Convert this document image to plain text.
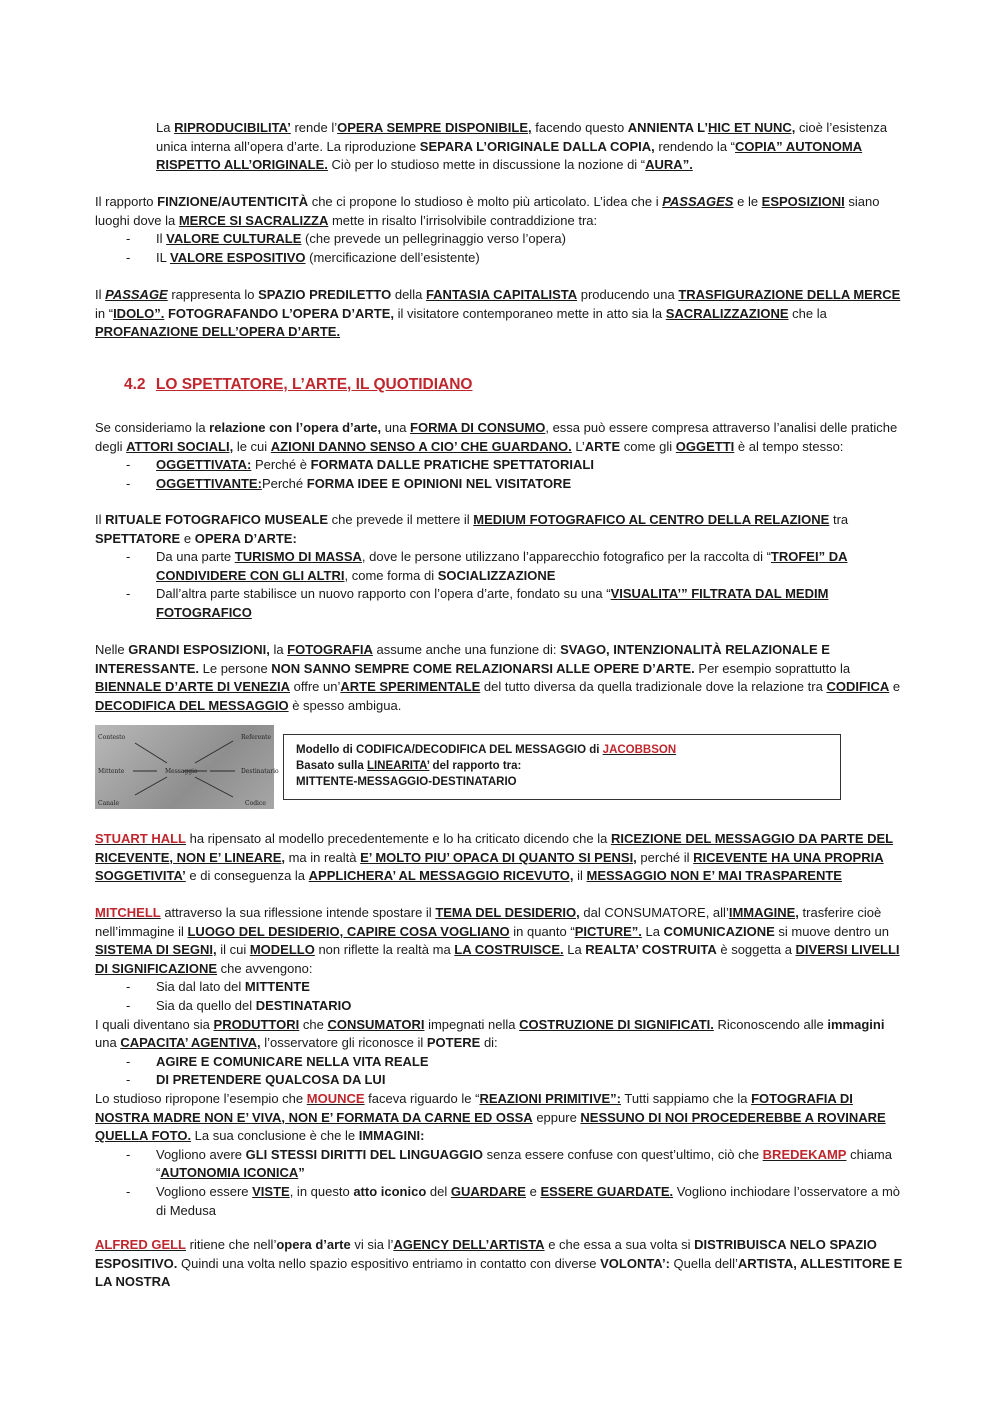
La RIPRODUCIBILITA’ rende l’OPERA SEMPRE DISPONIBILE, facendo questo ANNIENTA L’HIC ET NUNC, cioè l’esistenza unica interna all’opera d’arte. La riproduzione SEPARA L’ORIGINALE DALLA COPIA, rendendo la “COPIA” AUTONOMA RISPETTO ALL’ORIGINALE. Ciò per lo studioso mette in discussione la nozione di “AURA”.

Il rapporto FINZIONE/AUTENTICITÀ che ci propone lo studioso è molto più articolato. L’idea che i PASSAGES e le ESPOSIZIONI siano luoghi dove la MERCE SI SACRALIZZA mette in risalto l’irrisolvibile contraddizione tra:

- Il VALORE CULTURALE (che prevede un pellegrinaggio verso l’opera)
- IL VALORE ESPOSITIVO (mercificazione dell’esistente)

Il PASSAGE rappresenta lo SPAZIO PREDILETTO della FANTASIA CAPITALISTA producendo una TRASFIGURAZIONE DELLA MERCE in “IDOLO”. FOTOGRAFANDO L’OPERA D’ARTE, il visitatore contemporaneo mette in atto sia la SACRALIZZAZIONE che la PROFANAZIONE DELL’OPERA D’ARTE.

4.2 LO SPETTATORE, L’ARTE, IL QUOTIDIANO

Se consideriamo la relazione con l’opera d’arte, una FORMA DI CONSUMO, essa può essere compresa attraverso l’analisi delle pratiche degli ATTORI SOCIALI, le cui AZIONI DANNO SENSO A CIO’ CHE GUARDANO. L’ARTE come gli OGGETTI è al tempo stesso:

- OGGETTIVATA: Perché è FORMATA DALLE PRATICHE SPETTATORIALI
- OGGETTIVANTE:Perché FORMA IDEE E OPINIONI NEL VISITATORE

Il RITUALE FOTOGRAFICO MUSEALE che prevede il mettere il MEDIUM FOTOGRAFICO AL CENTRO DELLA RELAZIONE tra SPETTATORE e OPERA D’ARTE:

- Da una parte TURISMO DI MASSA, dove le persone utilizzano l’apparecchio fotografico per la raccolta di “TROFEI” DA CONDIVIDERE CON GLI ALTRI, come forma di SOCIALIZZAZIONE
- Dall’altra parte stabilisce un nuovo rapporto con l’opera d’arte, fondato su una “VISUALITA’” FILTRATA DAL MEDIM FOTOGRAFICO

Nelle GRANDI ESPOSIZIONI, la FOTOGRAFIA assume anche una funzione di: SVAGO, INTENZIONALITÀ RELAZIONALE E INTERESSANTE. Le persone NON SANNO SEMPRE COME RELAZIONARSI ALLE OPERE D’ARTE. Per esempio soprattutto la BIENNALE D’ARTE DI VENEZIA offre un’ARTE SPERIMENTALE del tutto diversa da quella tradizionale dove la relazione tra CODIFICA e DECODIFICA DEL MESSAGGIO è spesso ambigua.

Contesto	Referente
Mittente	Messaggio	Destinatario
Canale	Codice
Modello di CODIFICA/DECODIFICA DEL MESSAGGIO di JACOBBSON
Basato sulla LINEARITA’ del rapporto tra:
MITTENTE-MESSAGGIO-DESTINATARIO

STUART HALL ha ripensato al modello precedentemente e lo ha criticato dicendo che la RICEZIONE DEL MESSAGGIO DA PARTE DEL RICEVENTE, NON E’ LINEARE, ma in realtà E’ MOLTO PIU’ OPACA DI QUANTO SI PENSI, perché il RICEVENTE HA UNA PROPRIA SOGGETIVITA’ e di conseguenza la APPLICHERA’ AL MESSAGGIO RICEVUTO, il MESSAGGIO NON E’ MAI TRASPARENTE

MITCHELL attraverso la sua riflessione intende spostare il TEMA DEL DESIDERIO, dal CONSUMATORE, all’IMMAGINE, trasferire cioè nell’immagine il LUOGO DEL DESIDERIO, CAPIRE COSA VOGLIANO in quanto “PICTURE”. La COMUNICAZIONE si muove dentro un SISTEMA DI SEGNI, il cui MODELLO non riflette la realtà ma LA COSTRUISCE. La REALTA’ COSTRUITA è soggetta a DIVERSI LIVELLI DI SIGNIFICAZIONE che avvengono:

- Sia dal lato del MITTENTE
- Sia da quello del DESTINATARIO

I quali diventano sia PRODUTTORI che CONSUMATORI impegnati nella COSTRUZIONE DI SIGNIFICATI. Riconoscendo alle immagini una CAPACITA’ AGENTIVA, l’osservatore gli riconosce il POTERE di:

- AGIRE E COMUNICARE NELLA VITA REALE
- DI PRETENDERE QUALCOSA DA LUI

Lo studioso ripropone l’esempio che MOUNCE faceva riguardo le “REAZIONI PRIMITIVE”: Tutti sappiamo che la FOTOGRAFIA DI NOSTRA MADRE NON E’ VIVA, NON E’ FORMATA DA CARNE ED OSSA eppure NESSUNO DI NOI PROCEDEREBBE A ROVINARE QUELLA FOTO. La sua conclusione è che le IMMAGINI:

- Vogliono avere GLI STESSI DIRITTI DEL LINGUAGGIO senza essere confuse con quest’ultimo, ciò che BREDEKAMP chiama “AUTONOMIA ICONICA”
- Vogliono essere VISTE, in questo atto iconico del GUARDARE e ESSERE GUARDATE. Vogliono inchiodare l’osservatore a mò di Medusa

ALFRED GELL ritiene che nell’opera d’arte vi sia l’AGENCY DELL’ARTISTA e che essa a sua volta si DISTRIBUISCA NELO SPAZIO ESPOSITIVO. Quindi una volta nello spazio espositivo entriamo in contatto con diverse VOLONTA’: Quella dell’ARTISTA, ALLESTITORE E LA NOSTRA
